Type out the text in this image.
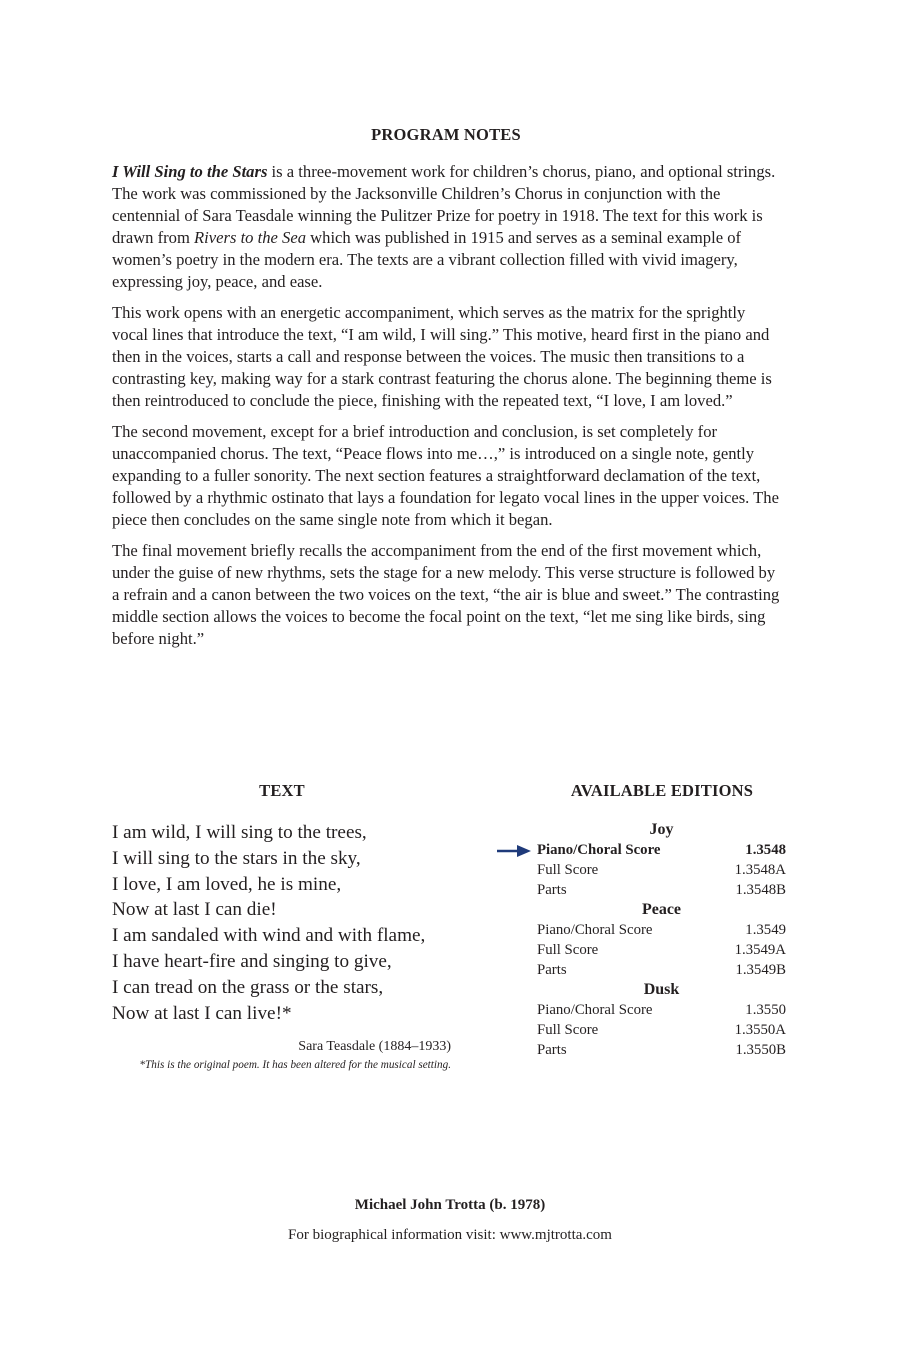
PROGRAM NOTES

I Will Sing to the Stars is a three-movement work for children’s chorus, piano, and optional strings. The work was commissioned by the Jacksonville Children’s Chorus in conjunction with the centennial of Sara Teasdale winning the Pulitzer Prize for poetry in 1918. The text for this work is drawn from Rivers to the Sea which was published in 1915 and serves as a seminal example of women’s poetry in the modern era. The texts are a vibrant collection filled with vivid imagery, expressing joy, peace, and ease.

This work opens with an energetic accompaniment, which serves as the matrix for the sprightly vocal lines that introduce the text, “I am wild, I will sing.” This motive, heard first in the piano and then in the voices, starts a call and response between the voices. The music then transitions to a contrasting key, making way for a stark contrast featuring the chorus alone. The beginning theme is then reintroduced to conclude the piece, finishing with the repeated text, “I love, I am loved.”

The second movement, except for a brief introduction and conclusion, is set completely for unaccompanied chorus. The text, “Peace flows into me…,” is introduced on a single note, gently expanding to a fuller sonority. The next section features a straightforward declamation of the text, followed by a rhythmic ostinato that lays a foundation for legato vocal lines in the upper voices. The piece then concludes on the same single note from which it began.

The final movement briefly recalls the accompaniment from the end of the first movement which, under the guise of new rhythms, sets the stage for a new melody. This verse structure is followed by a refrain and a canon between the two voices on the text, “the air is blue and sweet.” The contrasting middle section allows the voices to become the focal point on the text, “let me sing like birds, sing before night.”

TEXT
I am wild, I will sing to the trees,
I will sing to the stars in the sky,
I love, I am loved, he is mine,
Now at last I can die!
I am sandaled with wind and with flame,
I have heart-fire and singing to give,
I can tread on the grass or the stars,
Now at last I can live!*
Sara Teasdale (1884–1933)
*This is the original poem. It has been altered for the musical setting.
AVAILABLE EDITIONS
Joy
Piano/Choral Score	1.3548
Full Score	1.3548A
Parts	1.3548B
Peace
Piano/Choral Score	1.3549
Full Score	1.3549A
Parts	1.3549B
Dusk
Piano/Choral Score	1.3550
Full Score	1.3550A
Parts	1.3550B
Michael John Trotta (b. 1978)
For biographical information visit: www.mjtrotta.com
